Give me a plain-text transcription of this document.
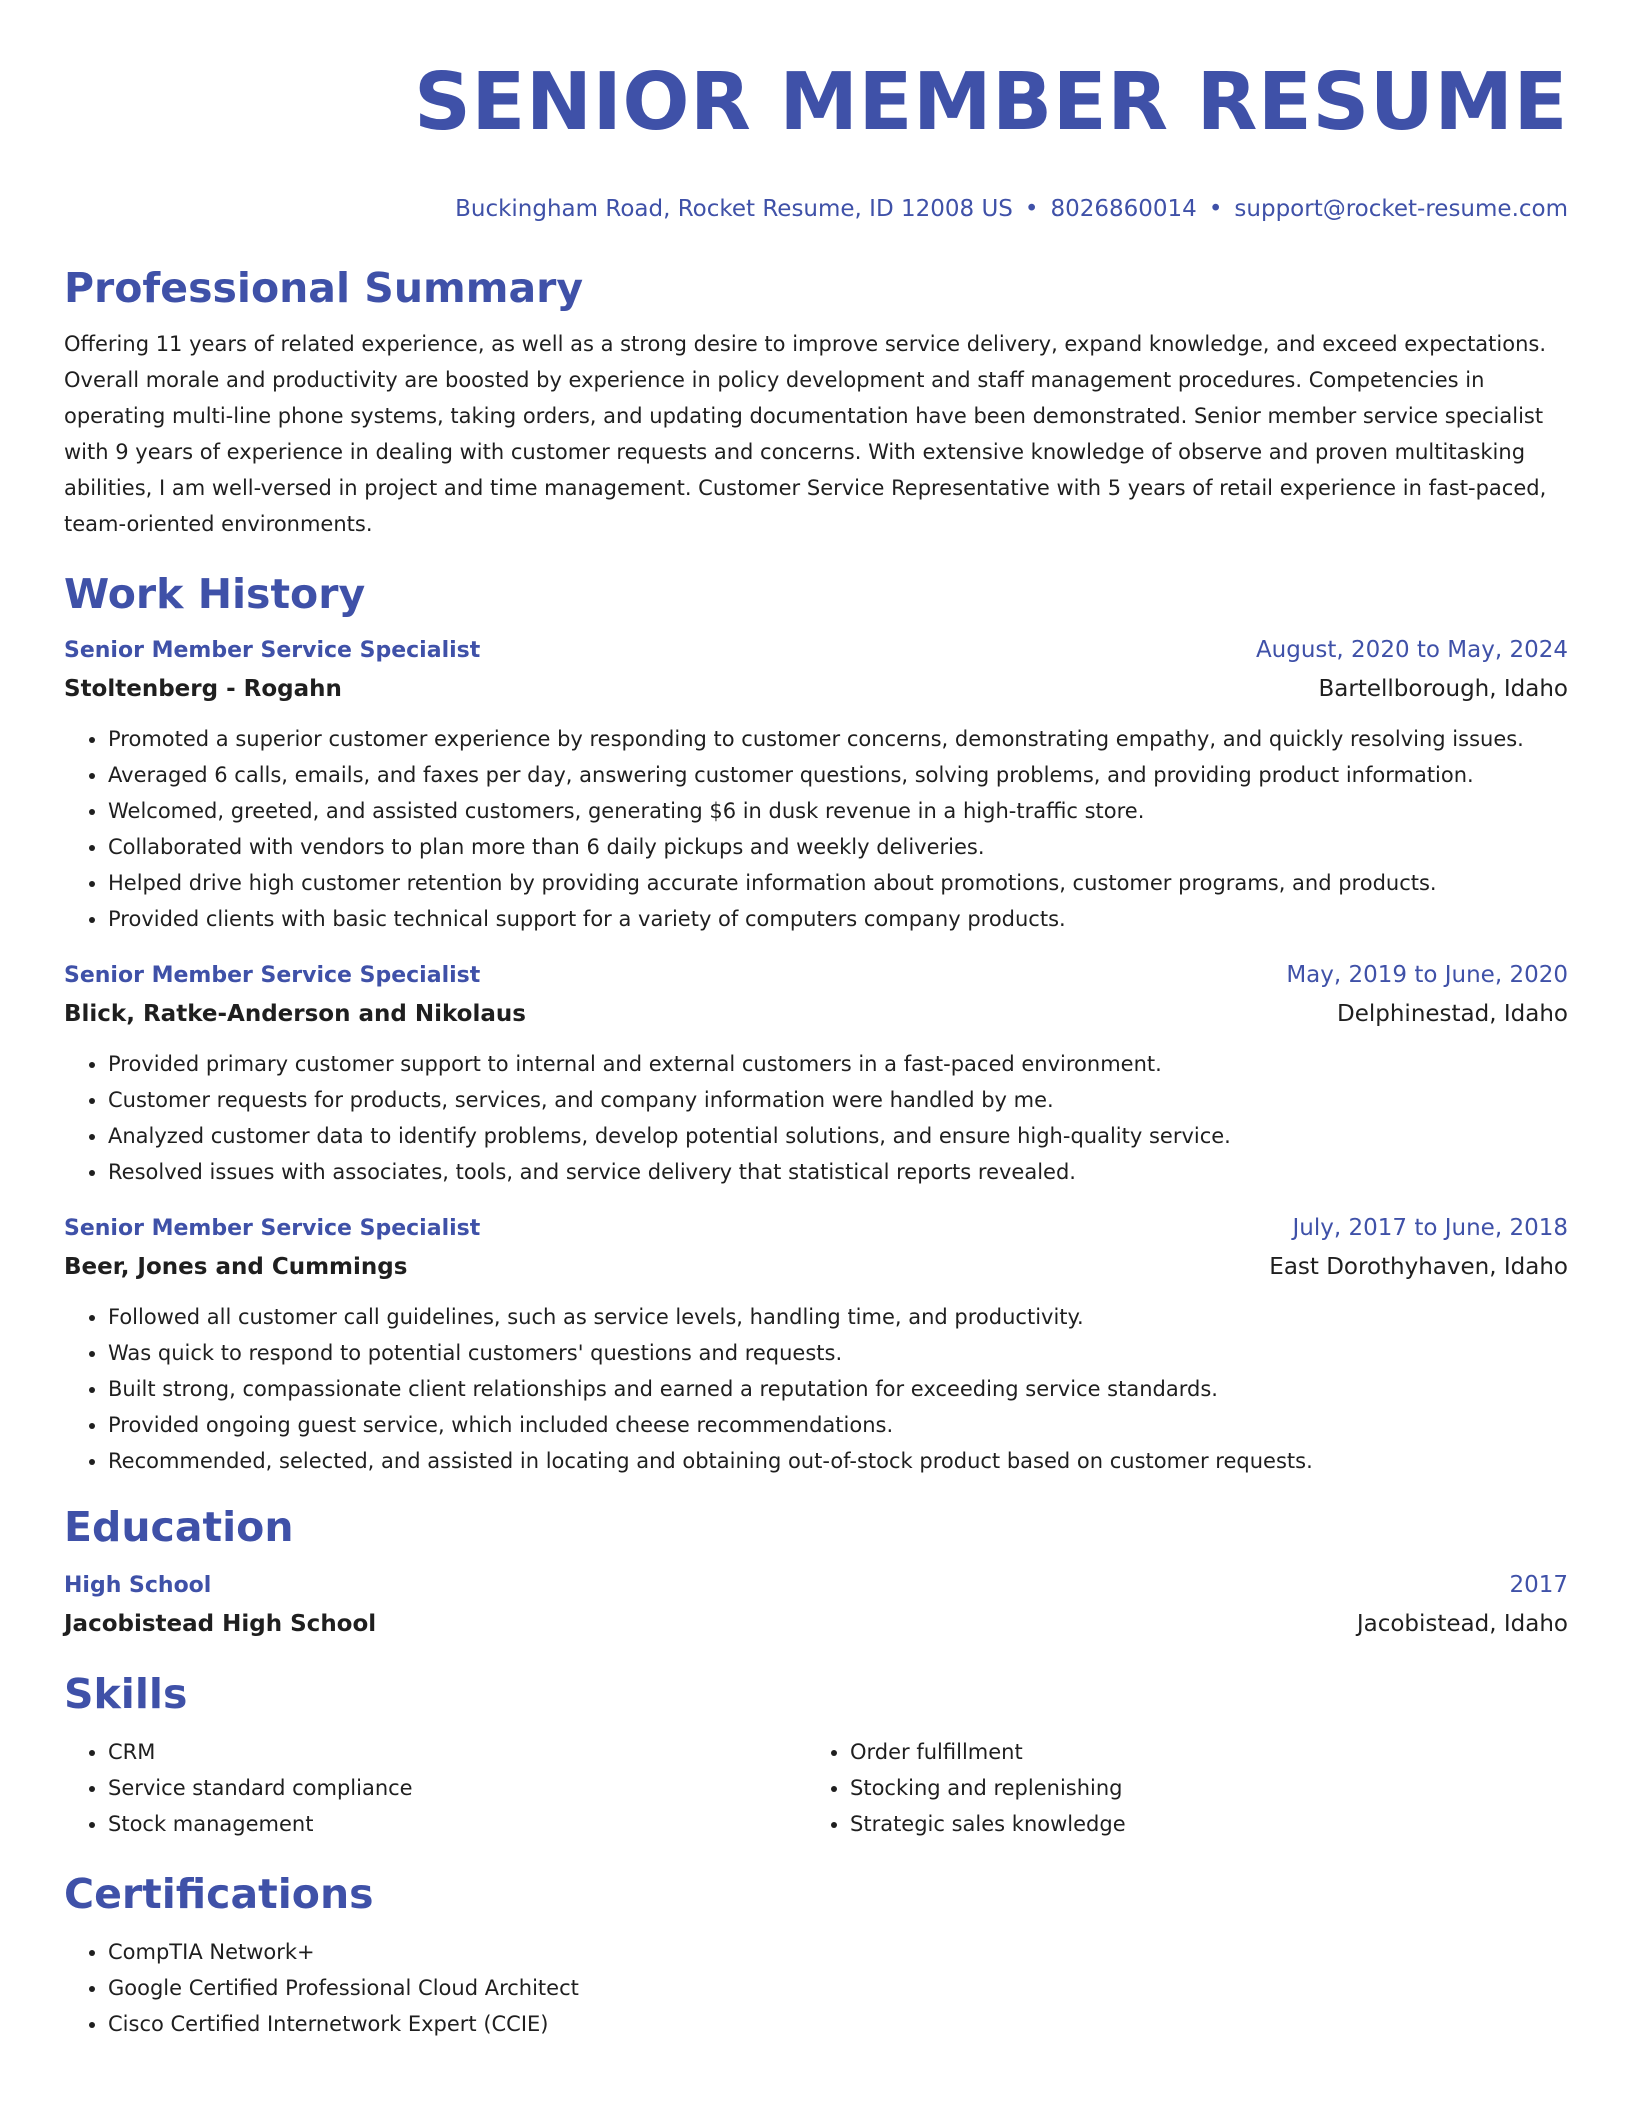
SENIOR MEMBER RESUME
Buckingham Road, Rocket Resume, ID 12008 US • 8026860014 • support@rocket-resume.com
Professional Summary
Offering 11 years of related experience, as well as a strong desire to improve service delivery, expand knowledge, and exceed expectations. Overall morale and productivity are boosted by experience in policy development and staff management procedures. Competencies in operating multi-line phone systems, taking orders, and updating documentation have been demonstrated. Senior member service specialist with 9 years of experience in dealing with customer requests and concerns. With extensive knowledge of observe and proven multitasking abilities, I am well-versed in project and time management. Customer Service Representative with 5 years of retail experience in fast-paced, team-oriented environments.
Work History
Senior Member Service Specialist	August, 2020 to May, 2024
Stoltenberg - Rogahn	Bartellborough, Idaho
• Promoted a superior customer experience by responding to customer concerns, demonstrating empathy, and quickly resolving issues.
• Averaged 6 calls, emails, and faxes per day, answering customer questions, solving problems, and providing product information.
• Welcomed, greeted, and assisted customers, generating $6 in dusk revenue in a high-traffic store.
• Collaborated with vendors to plan more than 6 daily pickups and weekly deliveries.
• Helped drive high customer retention by providing accurate information about promotions, customer programs, and products.
• Provided clients with basic technical support for a variety of computers company products.
Senior Member Service Specialist	May, 2019 to June, 2020
Blick, Ratke-Anderson and Nikolaus	Delphinestad, Idaho
• Provided primary customer support to internal and external customers in a fast-paced environment.
• Customer requests for products, services, and company information were handled by me.
• Analyzed customer data to identify problems, develop potential solutions, and ensure high-quality service.
• Resolved issues with associates, tools, and service delivery that statistical reports revealed.
Senior Member Service Specialist	July, 2017 to June, 2018
Beer, Jones and Cummings	East Dorothyhaven, Idaho
• Followed all customer call guidelines, such as service levels, handling time, and productivity.
• Was quick to respond to potential customers' questions and requests.
• Built strong, compassionate client relationships and earned a reputation for exceeding service standards.
• Provided ongoing guest service, which included cheese recommendations.
• Recommended, selected, and assisted in locating and obtaining out-of-stock product based on customer requests.
Education
High School	2017
Jacobistead High School	Jacobistead, Idaho
Skills
• CRM
• Service standard compliance
• Stock management
• Order fulfillment
• Stocking and replenishing
• Strategic sales knowledge
Certifications
• CompTIA Network+
• Google Certified Professional Cloud Architect
• Cisco Certified Internetwork Expert (CCIE)
